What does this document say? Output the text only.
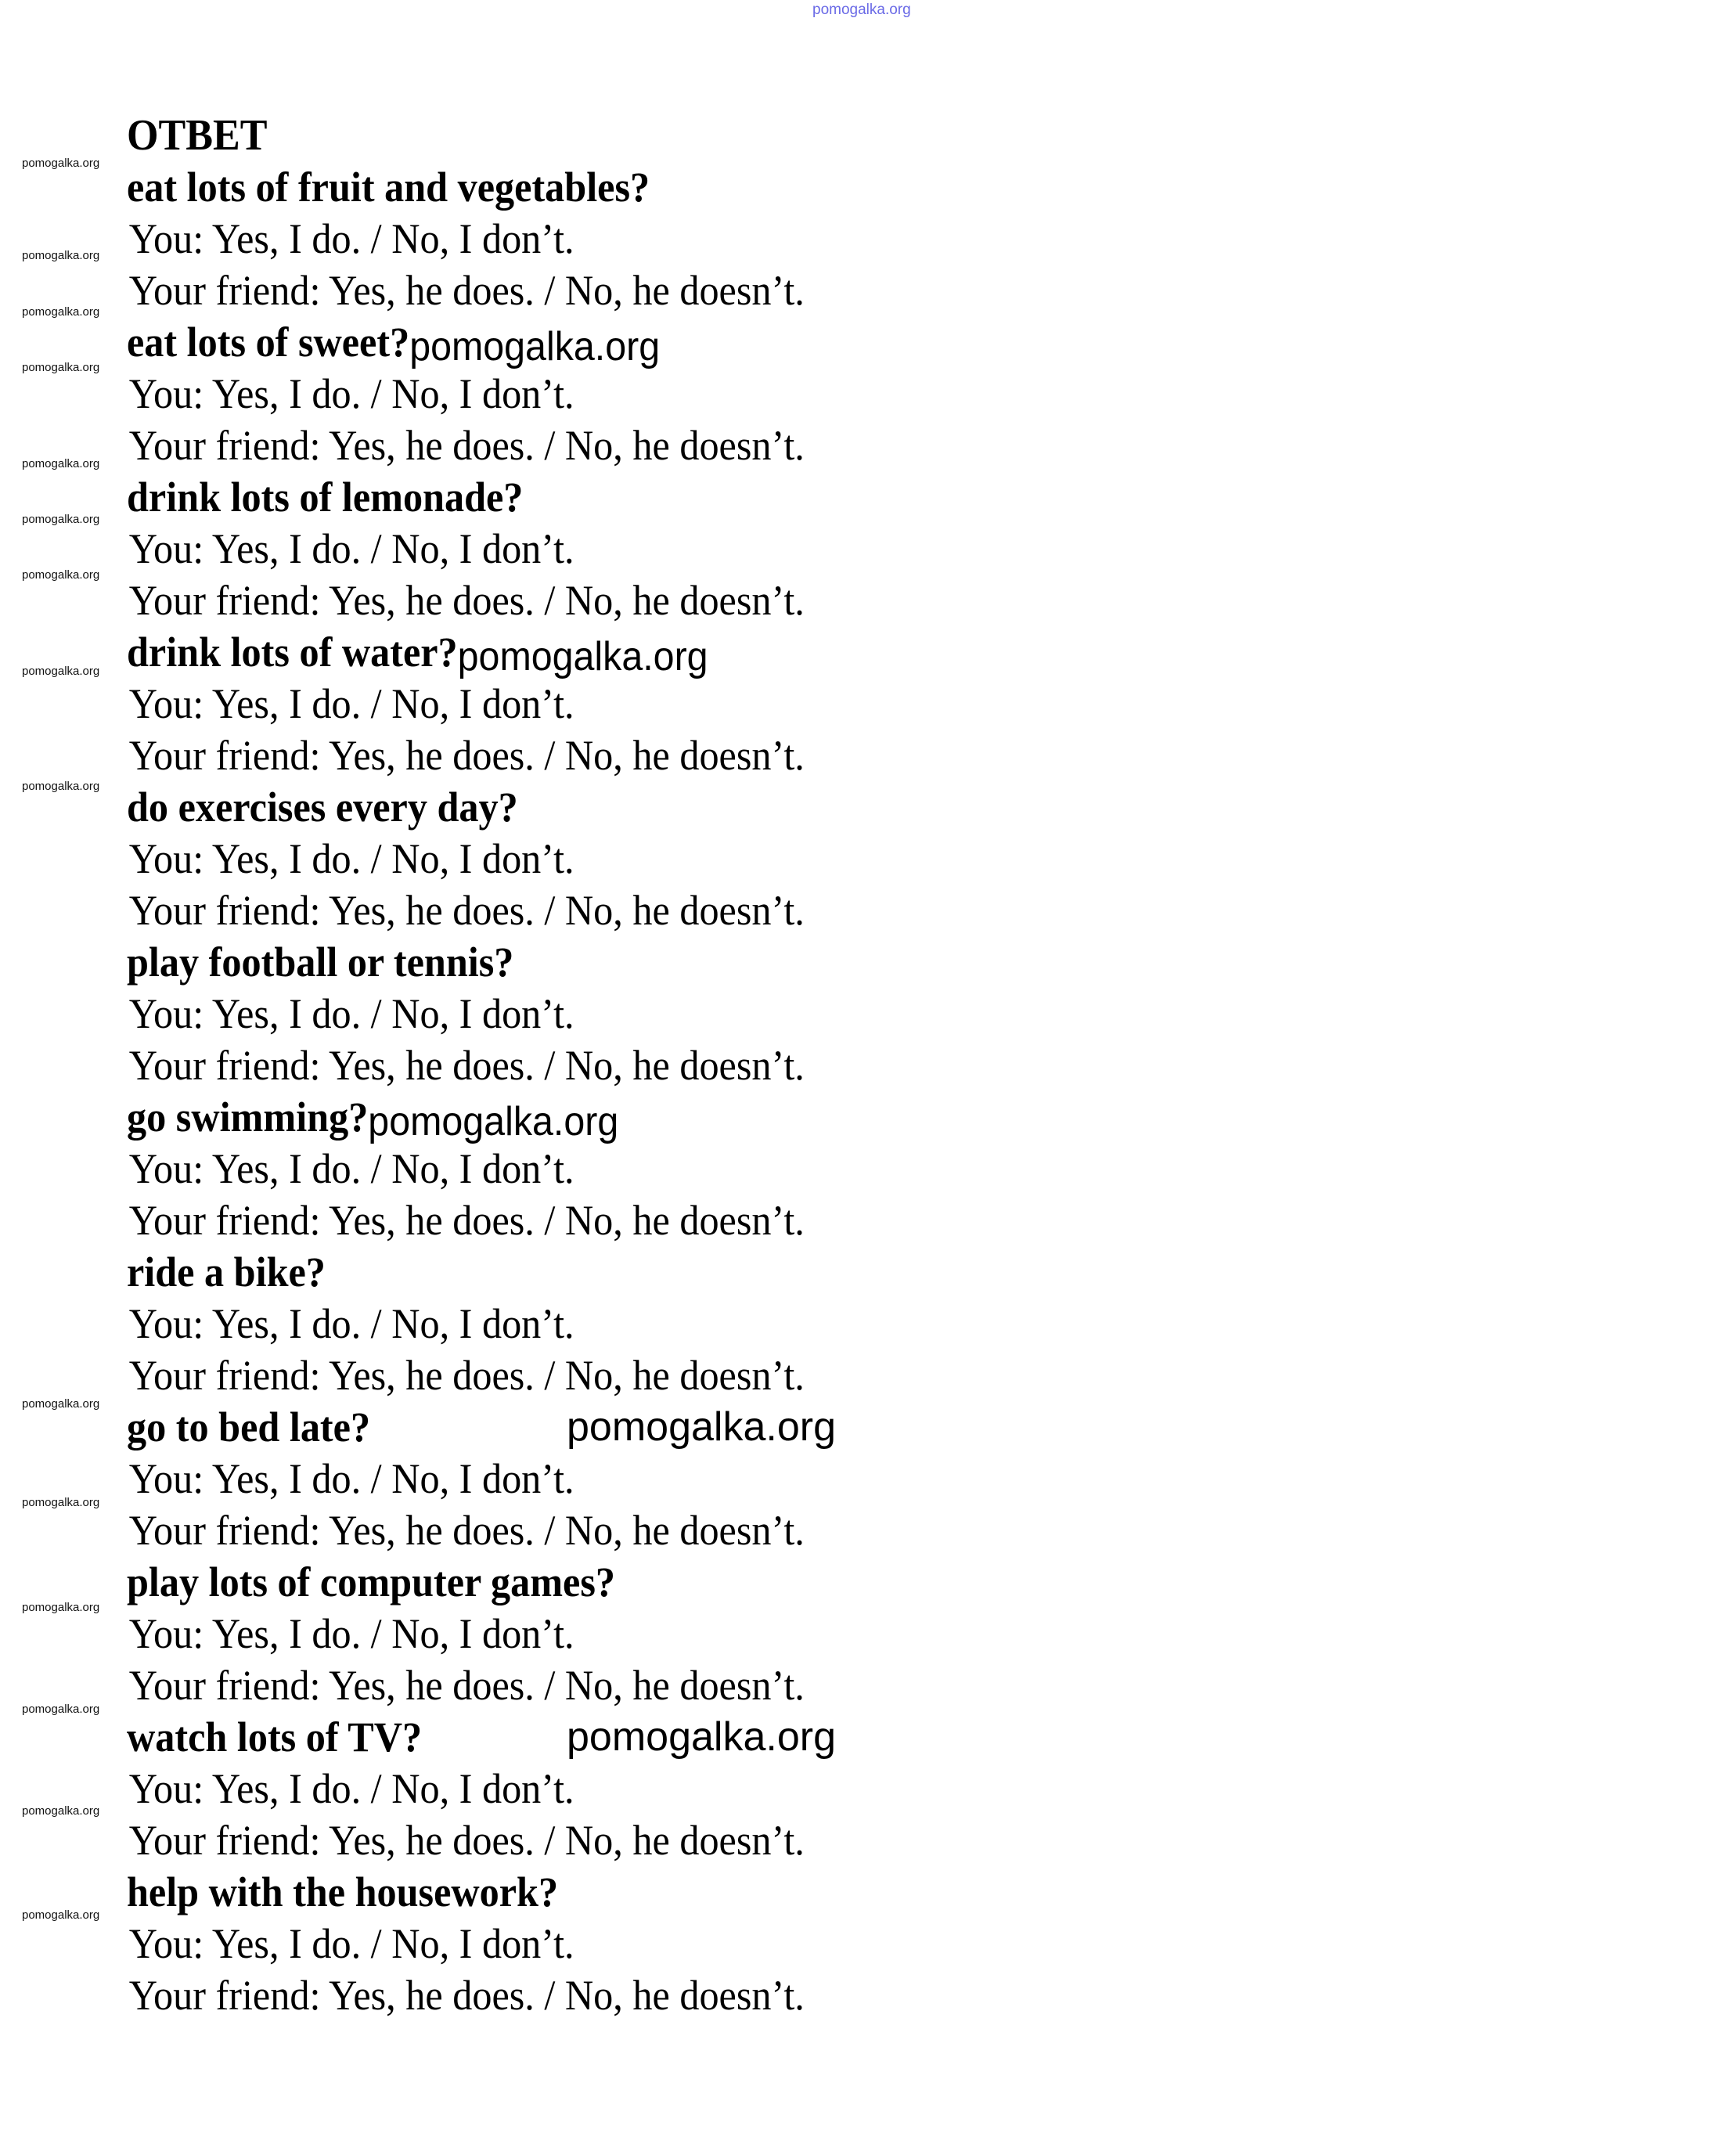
pomogalka.org
OTBET
eat lots of fruit and vegetables?
You: Yes, I do. / No, I don’t.
Your friend: Yes, he does. / No, he doesn’t.
eat lots of sweet?pomogalka.org
You: Yes, I do. / No, I don’t.
Your friend: Yes, he does. / No, he doesn’t.
drink lots of lemonade?
You: Yes, I do. / No, I don’t.
Your friend: Yes, he does. / No, he doesn’t.
drink lots of water?pomogalka.org
You: Yes, I do. / No, I don’t.
Your friend: Yes, he does. / No, he doesn’t.
do exercises every day?
You: Yes, I do. / No, I don’t.
Your friend: Yes, he does. / No, he doesn’t.
play football or tennis?
You: Yes, I do. / No, I don’t.
Your friend: Yes, he does. / No, he doesn’t.
go swimming?pomogalka.org
You: Yes, I do. / No, I don’t.
Your friend: Yes, he does. / No, he doesn’t.
ride a bike?
You: Yes, I do. / No, I don’t.
Your friend: Yes, he does. / No, he doesn’t.
go to bed late?
You: Yes, I do. / No, I don’t.
Your friend: Yes, he does. / No, he doesn’t.
play lots of computer games?
You: Yes, I do. / No, I don’t.
Your friend: Yes, he does. / No, he doesn’t.
watch lots of TV?
You: Yes, I do. / No, I don’t.
Your friend: Yes, he does. / No, he doesn’t.
help with the housework?
You: Yes, I do. / No, I don’t.
Your friend: Yes, he does. / No, he doesn’t.
pomogalka.org
pomogalka.org
pomogalka.org
pomogalka.org
pomogalka.org
pomogalka.org
pomogalka.org
pomogalka.org
pomogalka.org
pomogalka.org
pomogalka.org
pomogalka.org
pomogalka.org
pomogalka.org
pomogalka.org
pomogalka.org
pomogalka.org
